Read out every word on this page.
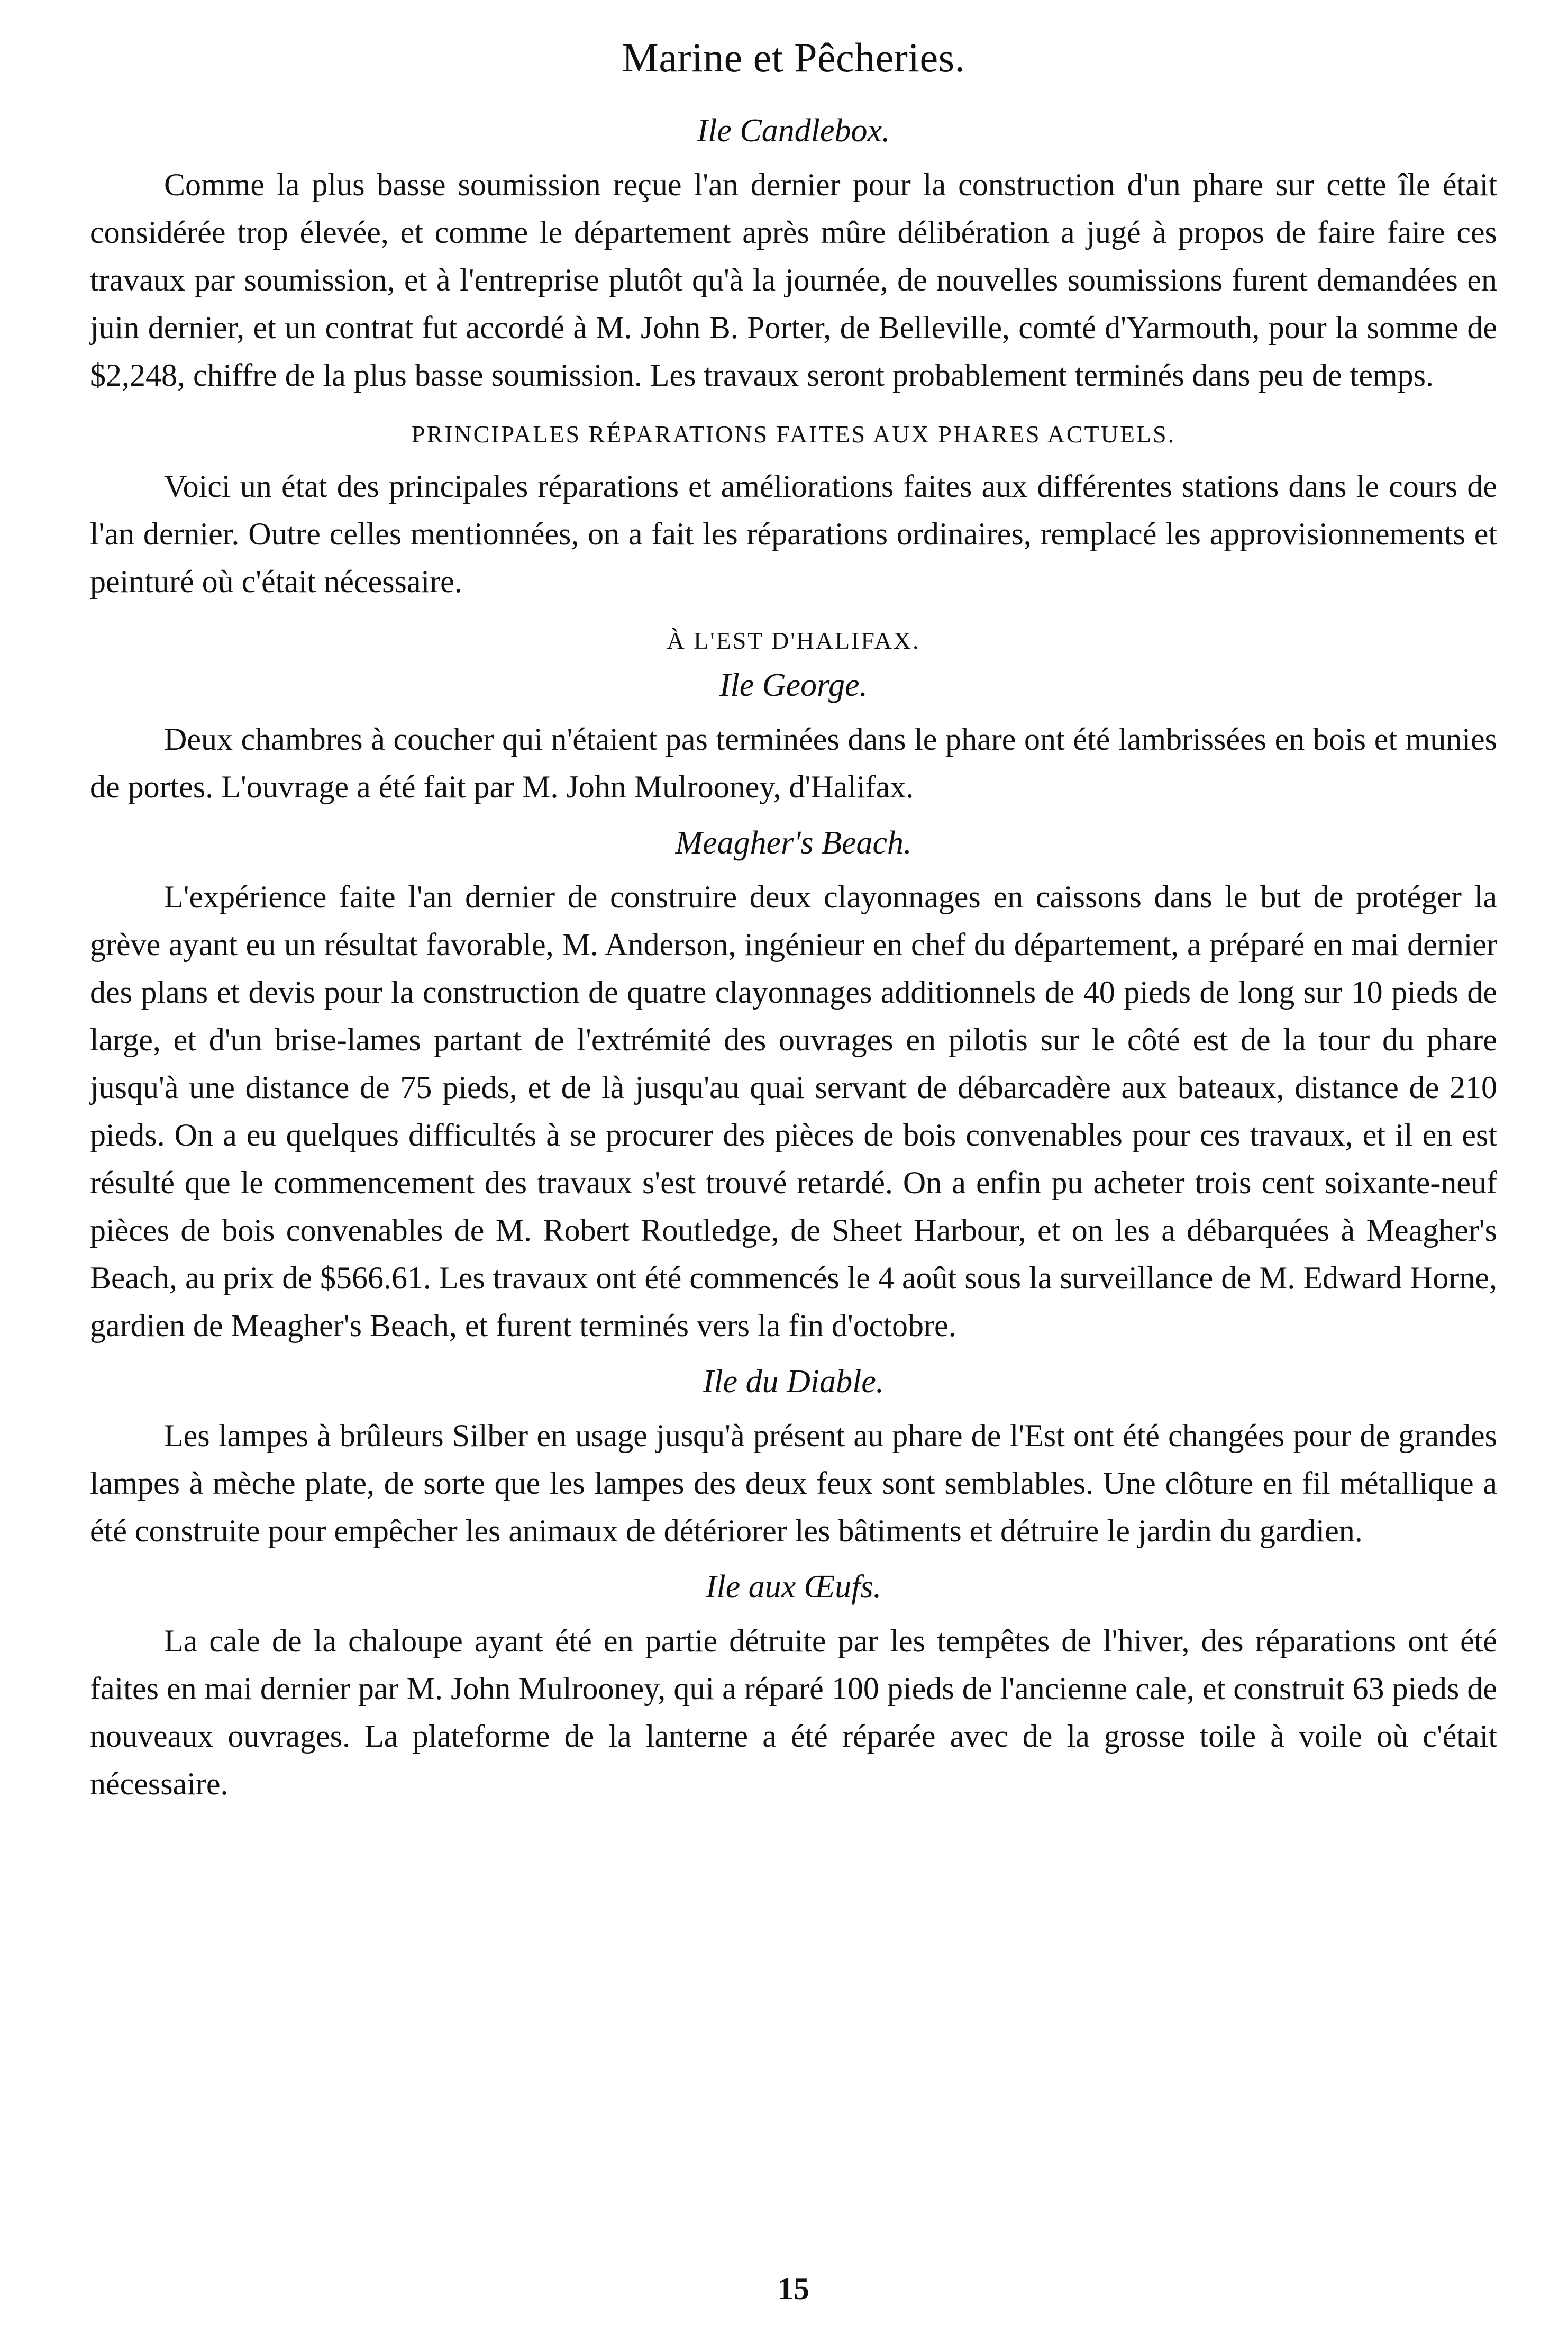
Marine et Pêcheries.
Ile Candlebox.

Comme la plus basse soumission reçue l'an dernier pour la construction d'un phare sur cette île était considérée trop élevée, et comme le département après mûre délibération a jugé à propos de faire faire ces travaux par soumission, et à l'entreprise plutôt qu'à la journée, de nouvelles soumissions furent demandées en juin dernier, et un contrat fut accordé à M. John B. Porter, de Belleville, comté d'Yarmouth, pour la somme de $2,248, chiffre de la plus basse soumission. Les travaux seront probablement terminés dans peu de temps.

PRINCIPALES RÉPARATIONS FAITES AUX PHARES ACTUELS.

Voici un état des principales réparations et améliorations faites aux différentes stations dans le cours de l'an dernier. Outre celles mentionnées, on a fait les réparations ordinaires, remplacé les approvisionnements et peinturé où c'était nécessaire.

À L'EST D'HALIFAX.
Ile George.

Deux chambres à coucher qui n'étaient pas terminées dans le phare ont été lambrissées en bois et munies de portes. L'ouvrage a été fait par M. John Mulrooney, d'Halifax.

Meagher's Beach.

L'expérience faite l'an dernier de construire deux clayonnages en caissons dans le but de protéger la grève ayant eu un résultat favorable, M. Anderson, ingénieur en chef du département, a préparé en mai dernier des plans et devis pour la construction de quatre clayonnages additionnels de 40 pieds de long sur 10 pieds de large, et d'un brise-lames partant de l'extrémité des ouvrages en pilotis sur le côté est de la tour du phare jusqu'à une distance de 75 pieds, et de là jusqu'au quai servant de débarcadère aux bateaux, distance de 210 pieds. On a eu quelques difficultés à se procurer des pièces de bois convenables pour ces travaux, et il en est résulté que le commencement des travaux s'est trouvé retardé. On a enfin pu acheter trois cent soixante-neuf pièces de bois convenables de M. Robert Routledge, de Sheet Harbour, et on les a débarquées à Meagher's Beach, au prix de $566.61. Les travaux ont été commencés le 4 août sous la surveillance de M. Edward Horne, gardien de Meagher's Beach, et furent terminés vers la fin d'octobre.

Ile du Diable.

Les lampes à brûleurs Silber en usage jusqu'à présent au phare de l'Est ont été changées pour de grandes lampes à mèche plate, de sorte que les lampes des deux feux sont semblables. Une clôture en fil métallique a été construite pour empêcher les animaux de détériorer les bâtiments et détruire le jardin du gardien.

Ile aux Œufs.

La cale de la chaloupe ayant été en partie détruite par les tempêtes de l'hiver, des réparations ont été faites en mai dernier par M. John Mulrooney, qui a réparé 100 pieds de l'ancienne cale, et construit 63 pieds de nouveaux ouvrages. La plateforme de la lanterne a été réparée avec de la grosse toile à voile où c'était nécessaire.

15
